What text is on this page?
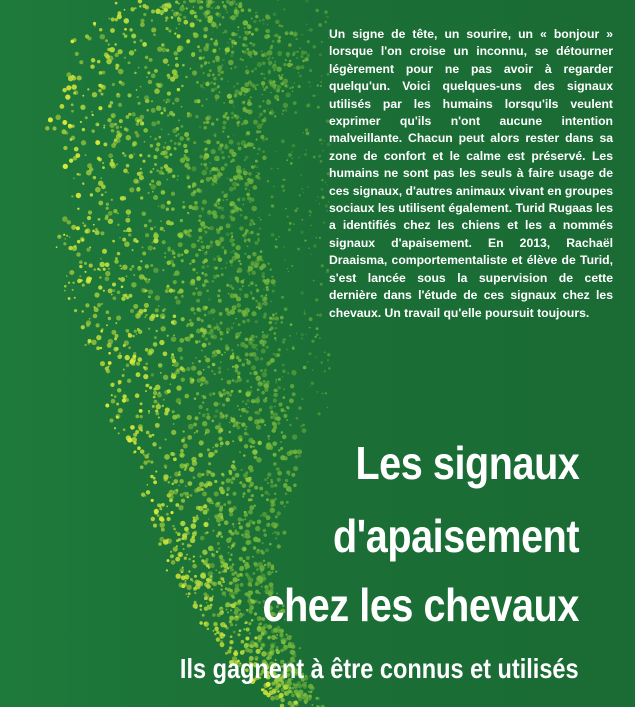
Un signe de tête, un sourire, un « bonjour » lorsque l'on croise un inconnu, se détourner légèrement pour ne pas avoir à regarder quelqu'un. Voici quelques-uns des signaux utilisés par les humains lorsqu'ils veulent exprimer qu'ils n'ont aucune intention malveillante. Chacun peut alors rester dans sa zone de confort et le calme est préservé. Les humains ne sont pas les seuls à faire usage de ces signaux, d'autres animaux vivant en groupes sociaux les utilisent également. Turid Rugaas les a identifiés chez les chiens et les a nommés signaux d'apaisement. En 2013, Rachaël Draaisma, comportementaliste et élève de Turid, s'est lancée sous la supervision de cette dernière dans l'étude de ces signaux chez les chevaux. Un travail qu'elle poursuit toujours.

Les signaux
d'apaisement
chez les chevaux
Ils gagnent à être connus et utilisés
